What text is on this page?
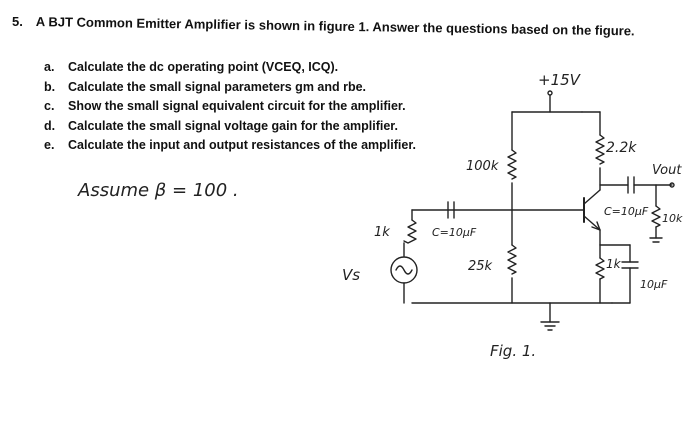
5. A BJT Common Emitter Amplifier is shown in figure 1. Answer the questions based on the figure.
a.	Calculate the dc operating point (VCEQ, ICQ).
b.	Calculate the small signal parameters gm and rbe.
c.	Show the small signal equivalent circuit for the amplifier.
d.	Calculate the small signal voltage gain for the amplifier.
e.	Calculate the input and output resistances of the amplifier.
+15V
2.2k
100k
25k
1k
Vs
C=10μF
C=10μF
10k
1k
10μF
Vout
Fig. 1.
Assume β = 100 .
